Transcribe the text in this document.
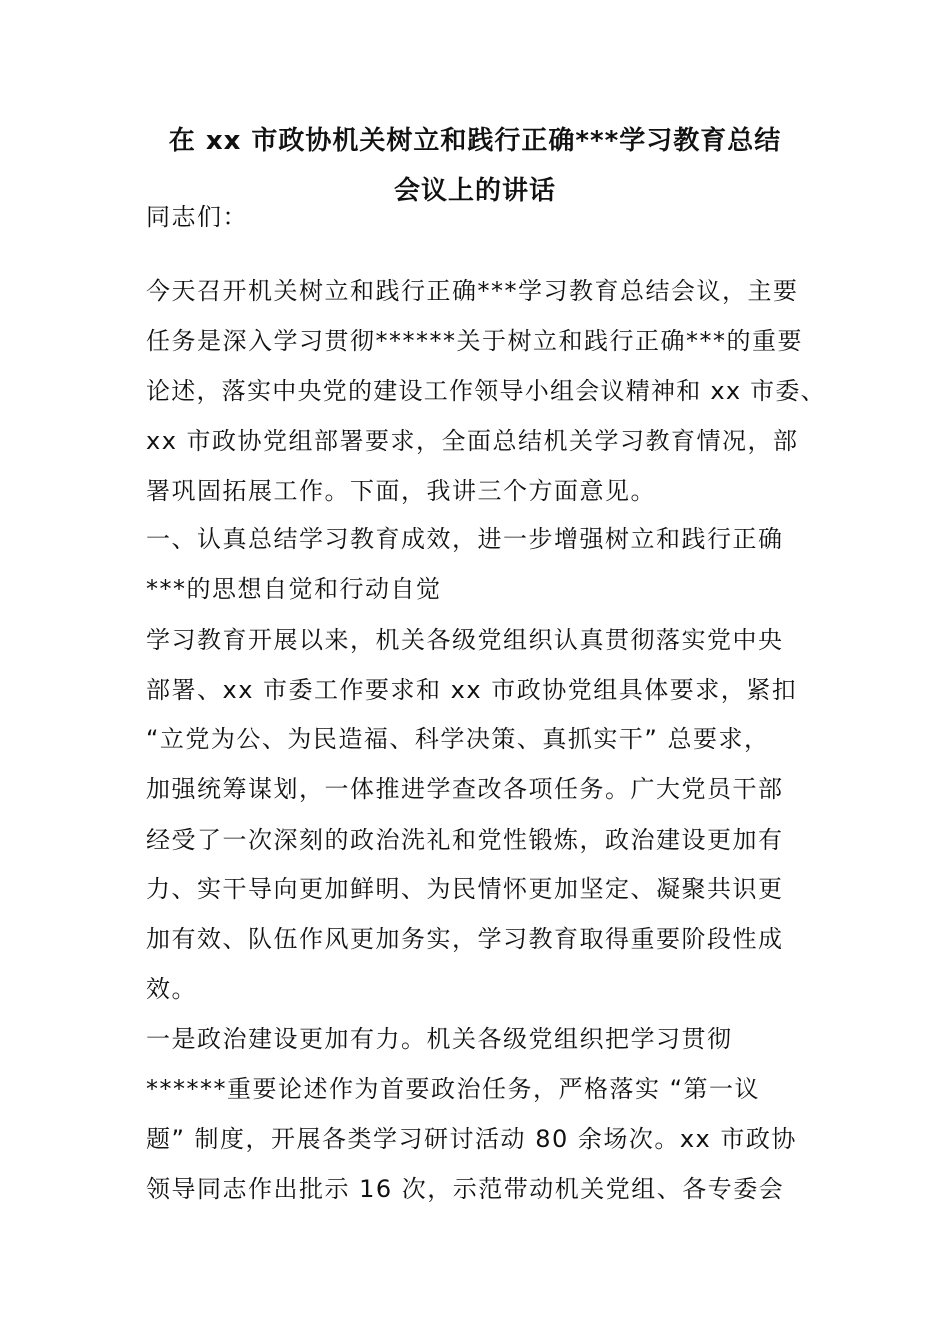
在 xx 市政协机关树立和践行正确***学习教育总结
会议上的讲话
同志们：
今天召开机关树立和践行正确***学习教育总结会议，主要
任务是深入学习贯彻******关于树立和践行正确***的重要
论述，落实中央党的建设工作领导小组会议精神和 xx 市委、
xx 市政协党组部署要求，全面总结机关学习教育情况，部
署巩固拓展工作。下面，我讲三个方面意见。
一、认真总结学习教育成效，进一步增强树立和践行正确
***的思想自觉和行动自觉
学习教育开展以来，机关各级党组织认真贯彻落实党中央
部署、xx 市委工作要求和 xx 市政协党组具体要求，紧扣
“立党为公、为民造福、科学决策、真抓实干” 总要求，
加强统筹谋划，一体推进学查改各项任务。广大党员干部
经受了一次深刻的政治洗礼和党性锻炼，政治建设更加有
力、实干导向更加鲜明、为民情怀更加坚定、凝聚共识更
加有效、队伍作风更加务实，学习教育取得重要阶段性成
效。
一是政治建设更加有力。机关各级党组织把学习贯彻
******重要论述作为首要政治任务，严格落实 “第一议
题” 制度，开展各类学习研讨活动 80 余场次。xx 市政协
领导同志作出批示 16 次，示范带动机关党组、各专委会
